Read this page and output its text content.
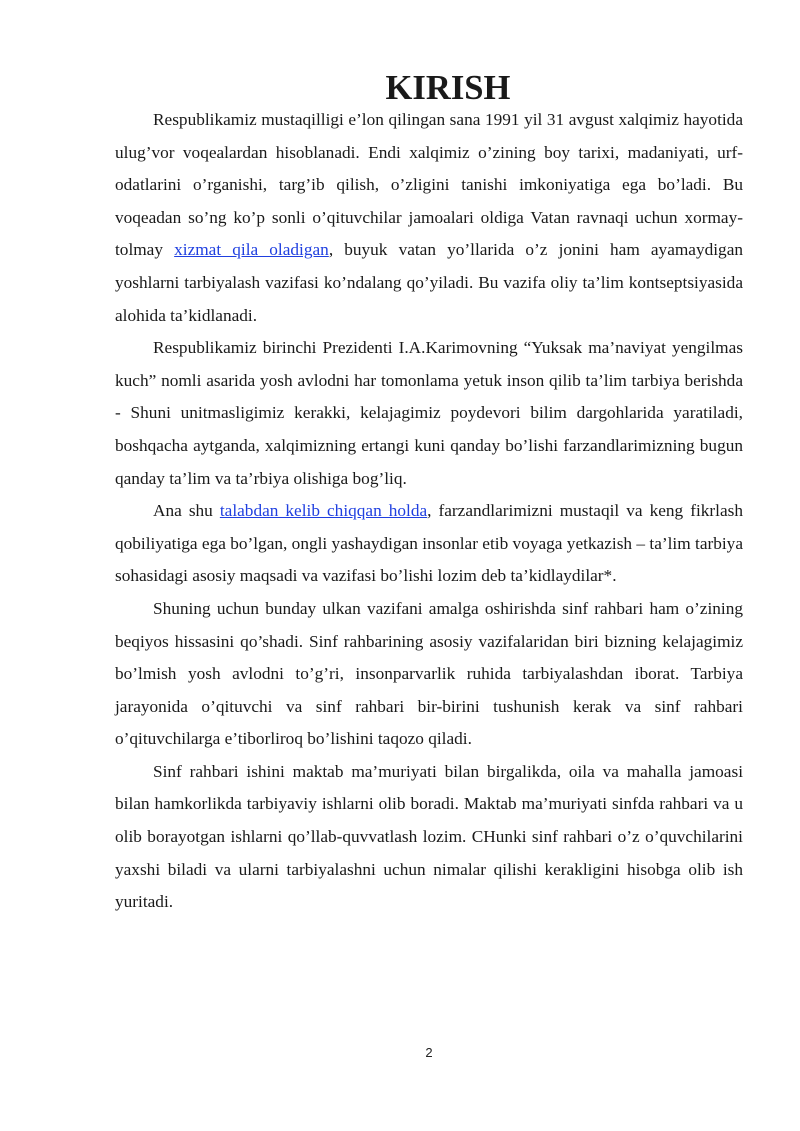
KIRISH

Respublikamiz mustaqilligi e’lon qilingan sana 1991 yil 31 avgust xalqimiz hayotida ulug’vor voqealardan hisoblanadi. Endi xalqimiz o’zining boy tarixi, madaniyati, urf-odatlarini o’rganishi, targ’ib qilish, o’zligini tanishi imkoniyatiga ega bo’ladi. Bu voqeadan so’ng ko’p sonli o’qituvchilar jamoalari oldiga Vatan ravnaqi uchun xormay-tolmay xizmat qila oladigan, buyuk vatan yo’llarida o’z jonini ham ayamaydigan yoshlarni tarbiyalash vazifasi ko’ndalang qo’yiladi. Bu vazifa oliy ta’lim kontseptsiyasida alohida ta’kidlanadi.

Respublikamiz birinchi Prezidenti I.A.Karimovning “Yuksak ma’naviyat yengilmas kuch” nomli asarida yosh avlodni har tomonlama yetuk inson qilib ta’lim tarbiya berishda - Shuni unitmasligimiz kerakki, kelajagimiz poydevori bilim dargohlarida yaratiladi, boshqacha aytganda, xalqimizning ertangi kuni qanday bo’lishi farzandlarimizning bugun qanday ta’lim va ta’rbiya olishiga bog’liq.

Ana shu talabdan kelib chiqqan holda, farzandlarimizni mustaqil va keng fikrlash qobiliyatiga ega bo’lgan, ongli yashaydigan insonlar etib voyaga yetkazish – ta’lim tarbiya sohasidagi asosiy maqsadi va vazifasi bo’lishi lozim deb ta’kidlaydilar*.

Shuning uchun bunday ulkan vazifani amalga oshirishda sinf rahbari ham o’zining beqiyos hissasini qo’shadi. Sinf rahbarining asosiy vazifalaridan biri bizning kelajagimiz bo’lmish yosh avlodni to’g’ri, insonparvarlik ruhida tarbiyalashdan iborat. Tarbiya jarayonida o’qituvchi va sinf rahbari bir-birini tushunish kerak va sinf rahbari o’qituvchilarga e’tiborliroq bo’lishini taqozo qiladi.

Sinf rahbari ishini maktab ma’muriyati bilan birgalikda, oila va mahalla jamoasi bilan hamkorlikda tarbiyaviy ishlarni olib boradi. Maktab ma’muriyati sinfda rahbari va u olib borayotgan ishlarni qo’llab-quvvatlash lozim. CHunki sinf rahbari o’z o’quvchilarini yaxshi biladi va ularni tarbiyalashni uchun nimalar qilishi kerakligini hisobga olib ish yuritadi.

2
